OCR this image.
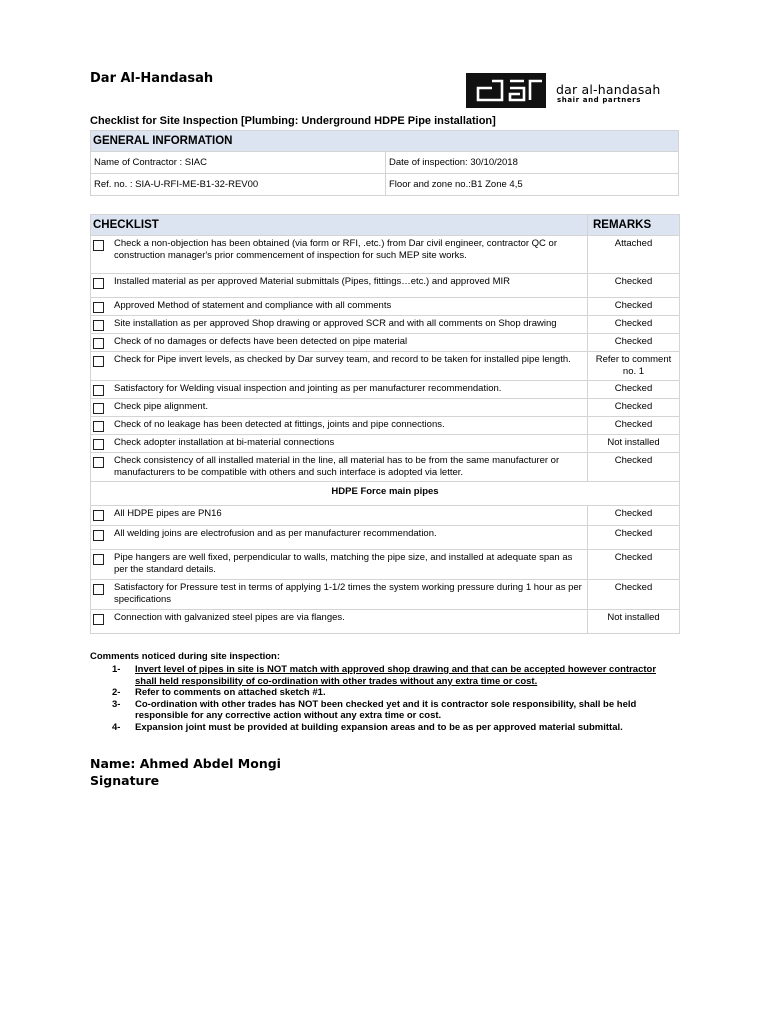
Dar Al-Handasah
dar al-handasah
shair and partners
Checklist for Site Inspection [Plumbing: Underground HDPE Pipe installation]
GENERAL INFORMATION	
Name of Contractor : SIAC	Date of inspection: 30/10/2018
Ref. no. : SIA-U-RFI-ME-B1-32-REV00	Floor and zone no.:B1 Zone 4,5
CHECKLIST	REMARKS

Check a non-objection has been obtained (via form or RFI, .etc.) from Dar civil engineer, contractor QC or construction manager's prior commencement of inspection for such MEP site works.	Attached

Installed material as per approved Material submittals (Pipes, fittings…etc.) and approved MIR	Checked

Approved Method of statement and compliance with all comments	Checked

Site installation as per approved Shop drawing or approved SCR and with all comments on Shop drawing	Checked

Check of no damages or defects have been detected on pipe material	Checked

Check for Pipe invert levels, as checked by Dar survey team, and record to be taken for installed pipe length.	Refer to comment no. 1

Satisfactory for Welding visual inspection and jointing as per manufacturer recommendation.	Checked

Check pipe alignment.	Checked

Check of no leakage has been detected at fittings, joints and pipe connections.	Checked

Check adopter installation at bi-material connections	Not installed

Check consistency of all installed material in the line, all material has to be from the same manufacturer or manufacturers to be compatible with others and such interface is adopted via letter.	Checked
HDPE Force main pipes	

All HDPE pipes are PN16	Checked

All welding joins are electrofusion and as per manufacturer recommendation.	Checked

Pipe hangers are well fixed, perpendicular to walls, matching the pipe size, and installed at adequate span as per the standard details.	Checked

Satisfactory for Pressure test in terms of applying 1-1/2 times the system working pressure during 1 hour as per specifications	Checked

Connection with galvanized steel pipes are via flanges.	Not installed
Comments noticed during site inspection:
1- Invert level of pipes in site is NOT match with approved shop drawing and that can be accepted however contractor shall held responsibility of co-ordination with other trades without any extra time or cost.
2- Refer to comments on attached sketch #1.
3- Co-ordination with other trades has NOT been checked yet and it is contractor sole responsibility, shall be held responsible for any corrective action without any extra time or cost.
4- Expansion joint must be provided at building expansion areas and to be as per approved material submittal.
Name: Ahmed Abdel Mongi
Signature
